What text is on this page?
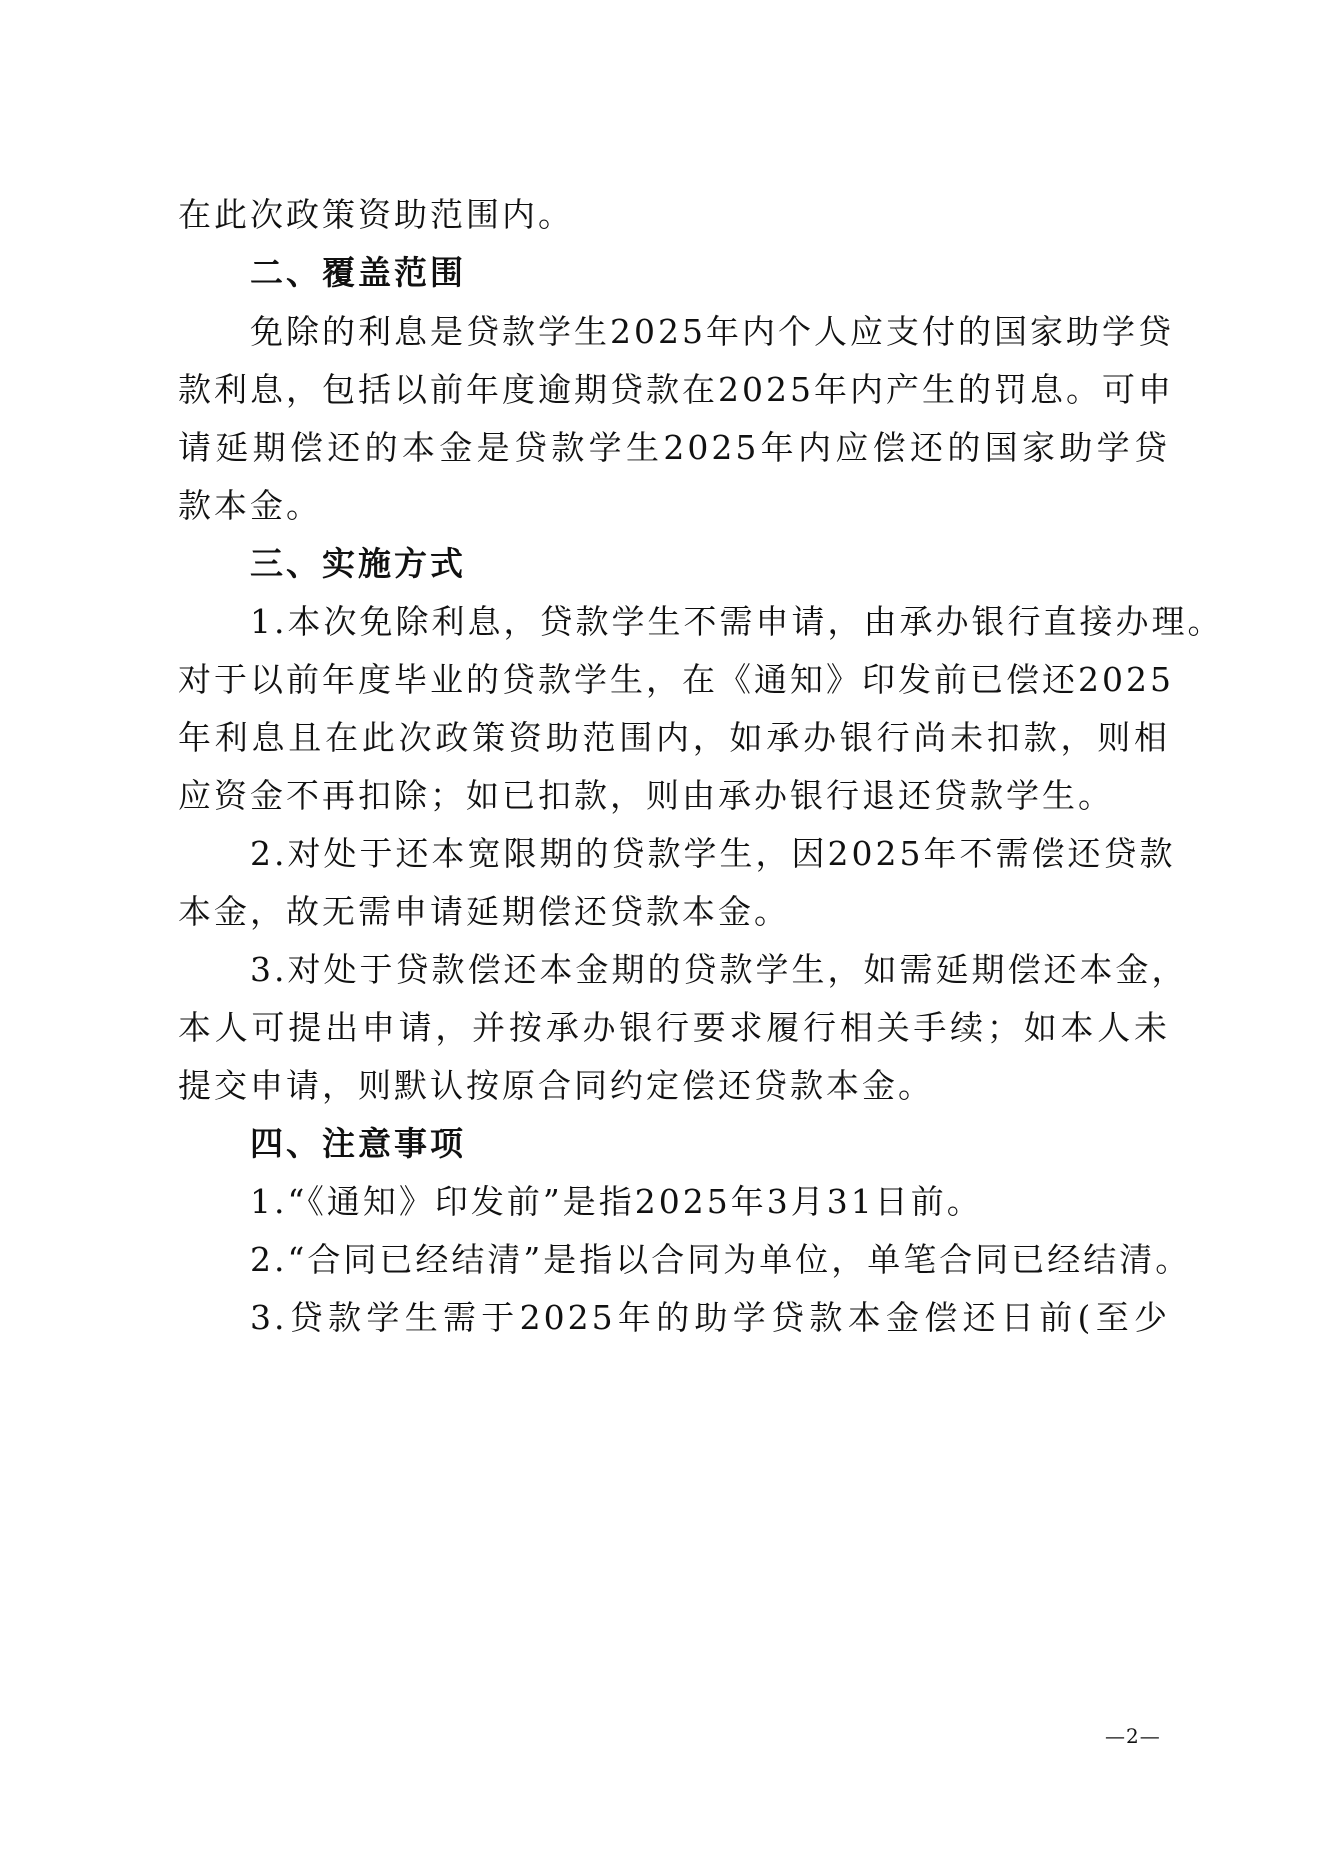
在此次政策资助范围内。
二、覆盖范围
免除的利息是贷款学生2025年内个人应支付的国家助学贷
款利息，包括以前年度逾期贷款在2025年内产生的罚息。可申
请延期偿还的本金是贷款学生2025年内应偿还的国家助学贷
款本金。
三、实施方式
1.本次免除利息，贷款学生不需申请，由承办银行直接办理。
对于以前年度毕业的贷款学生，在《通知》印发前已偿还2025
年利息且在此次政策资助范围内，如承办银行尚未扣款，则相
应资金不再扣除；如已扣款，则由承办银行退还贷款学生。
2.对处于还本宽限期的贷款学生，因2025年不需偿还贷款
本金，故无需申请延期偿还贷款本金。
3.对处于贷款偿还本金期的贷款学生，如需延期偿还本金，
本人可提出申请，并按承办银行要求履行相关手续；如本人未
提交申请，则默认按原合同约定偿还贷款本金。
四、注意事项
1.“《通知》印发前”是指2025年3月31日前。
2.“合同已经结清”是指以合同为单位，单笔合同已经结清。
3.贷款学生需于2025年的助学贷款本金偿还日前(至少
—2—
